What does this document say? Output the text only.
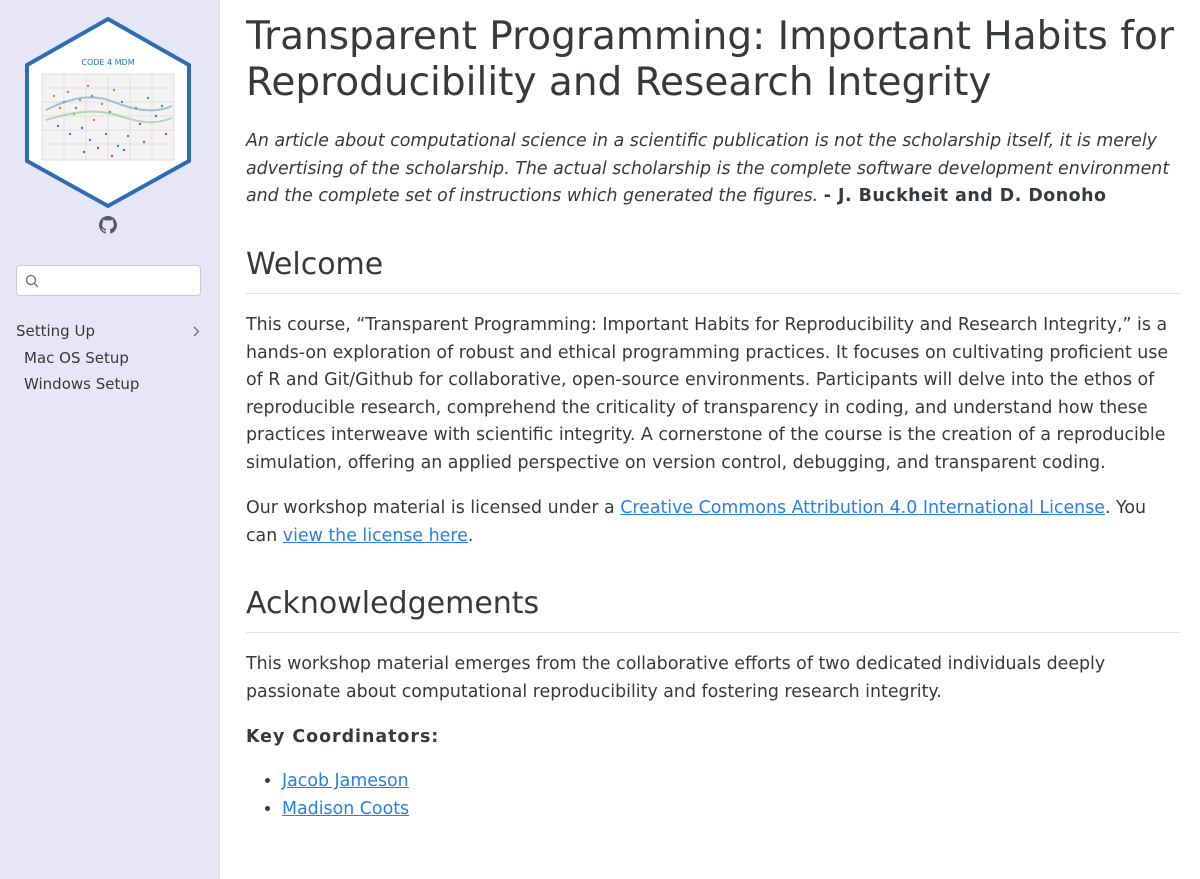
CODE 4 MDM
Setting Up
Mac OS Setup
Windows Setup
Transparent Programming: Important Habits for Reproducibility and Research Integrity

An article about computational science in a scientific publication is not the scholarship itself, it is merely advertising of the scholarship. The actual scholarship is the complete software development environment and the complete set of instructions which generated the figures. - J. Buckheit and D. Donoho

Welcome

This course, “Transparent Programming: Important Habits for Reproducibility and Research Integrity,” is a hands-on exploration of robust and ethical programming practices. It focuses on cultivating proficient use of R and Git/Github for collaborative, open-source environments. Participants will delve into the ethos of reproducible research, comprehend the criticality of transparency in coding, and understand how these practices interweave with scientific integrity. A cornerstone of the course is the creation of a reproducible simulation, offering an applied perspective on version control, debugging, and transparent coding.

Our workshop material is licensed under a Creative Commons Attribution 4.0 International License. You can view the license here.

Acknowledgements

This workshop material emerges from the collaborative efforts of two dedicated individuals deeply passionate about computational reproducibility and fostering research integrity.

Key Coordinators:
• Jacob Jameson
• Madison Coots
